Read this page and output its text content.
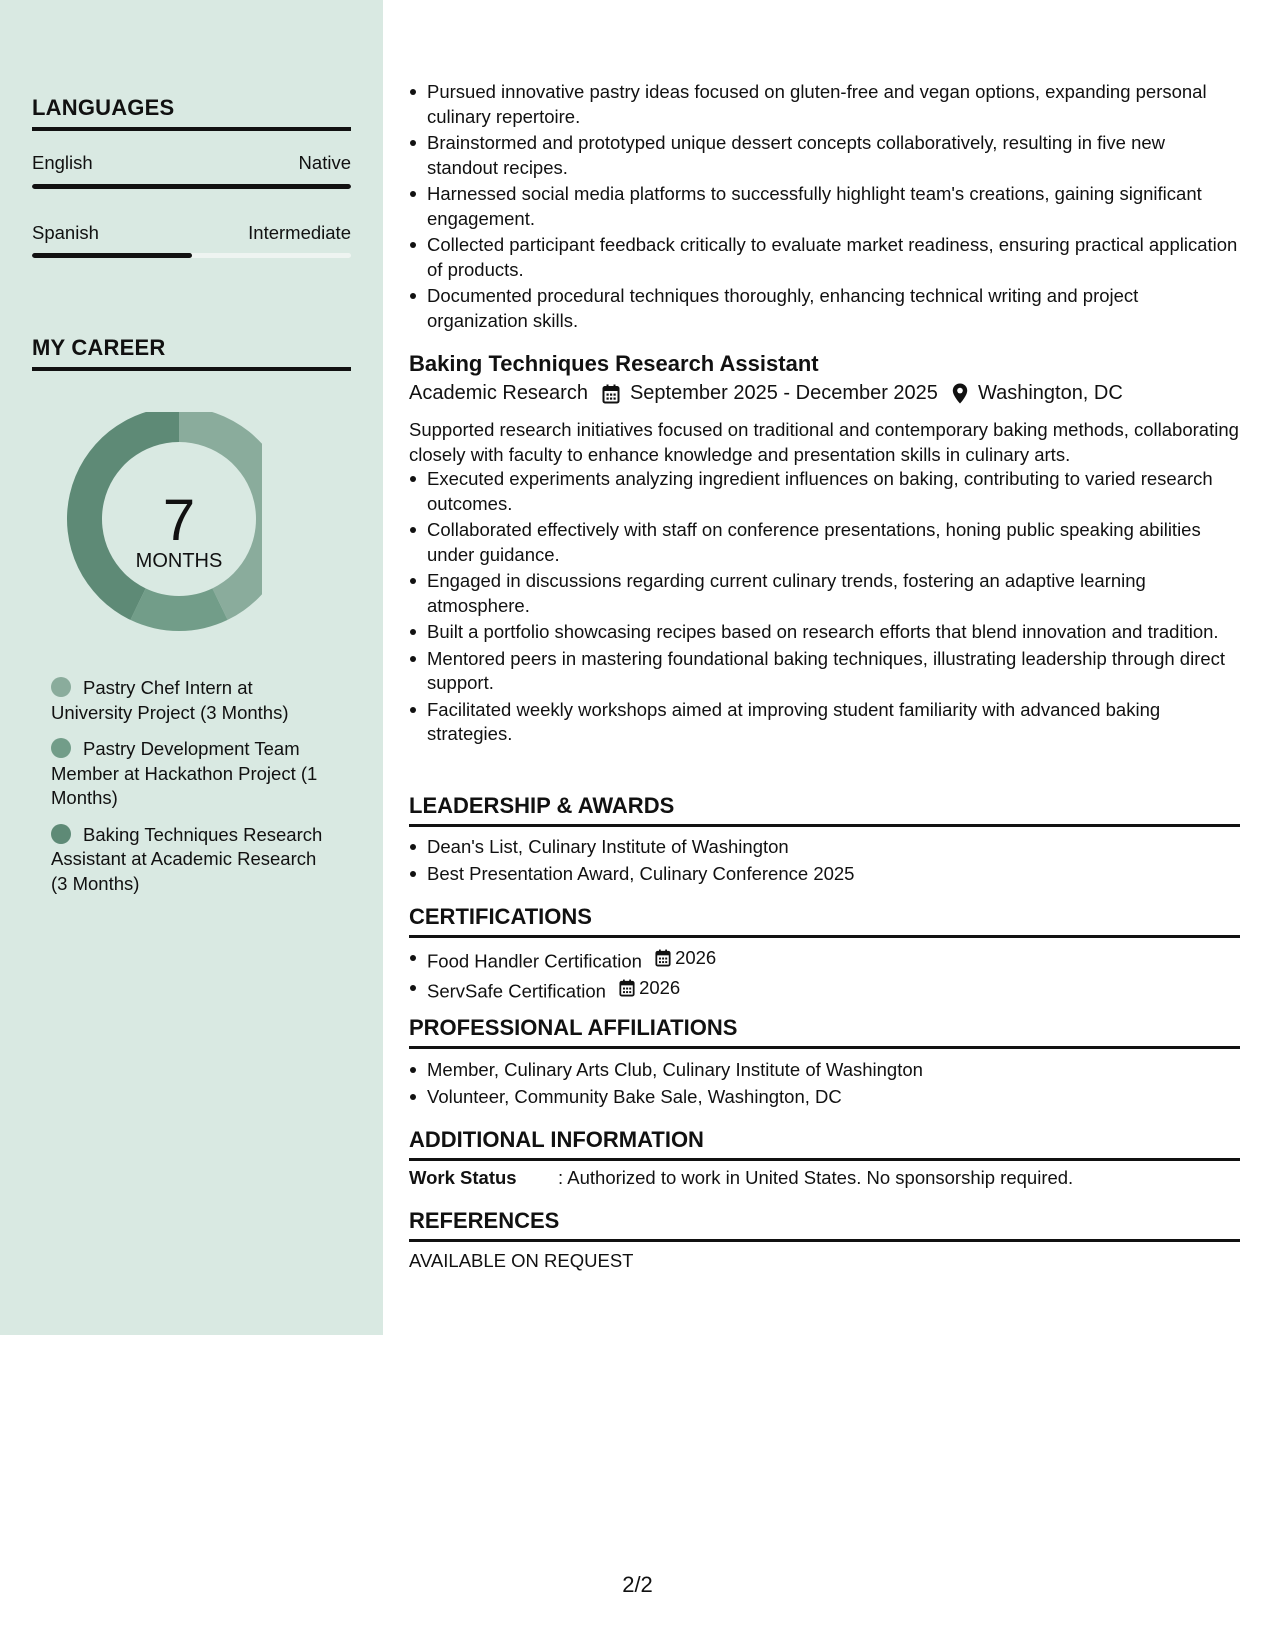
LANGUAGES
English	Native
Spanish	Intermediate
MY CAREER
7
MONTHS
Pastry Chef Intern at University Project (3 Months)
Pastry Development Team Member at Hackathon Project (1 Months)
Baking Techniques Research Assistant at Academic Research (3 Months)
Pursued innovative pastry ideas focused on gluten-free and vegan options, expanding personal culinary repertoire.
Brainstormed and prototyped unique dessert concepts collaboratively, resulting in five new standout recipes.
Harnessed social media platforms to successfully highlight team's creations, gaining significant engagement.
Collected participant feedback critically to evaluate market readiness, ensuring practical application of products.
Documented procedural techniques thoroughly, enhancing technical writing and project organization skills.
Baking Techniques Research Assistant
Academic Research September 2025 - December 2025 Washington, DC
Supported research initiatives focused on traditional and contemporary baking methods, collaborating closely with faculty to enhance knowledge and presentation skills in culinary arts.
Executed experiments analyzing ingredient influences on baking, contributing to varied research outcomes.
Collaborated effectively with staff on conference presentations, honing public speaking abilities under guidance.
Engaged in discussions regarding current culinary trends, fostering an adaptive learning atmosphere.
Built a portfolio showcasing recipes based on research efforts that blend innovation and tradition.
Mentored peers in mastering foundational baking techniques, illustrating leadership through direct support.
Facilitated weekly workshops aimed at improving student familiarity with advanced baking strategies.
LEADERSHIP & AWARDS
Dean's List, Culinary Institute of Washington
Best Presentation Award, Culinary Conference 2025
CERTIFICATIONS
Food Handler Certification 2026
ServSafe Certification 2026
PROFESSIONAL AFFILIATIONS
Member, Culinary Arts Club, Culinary Institute of Washington
Volunteer, Community Bake Sale, Washington, DC
ADDITIONAL INFORMATION
Work Status	: Authorized to work in United States. No sponsorship required.
REFERENCES
AVAILABLE ON REQUEST
2/2
